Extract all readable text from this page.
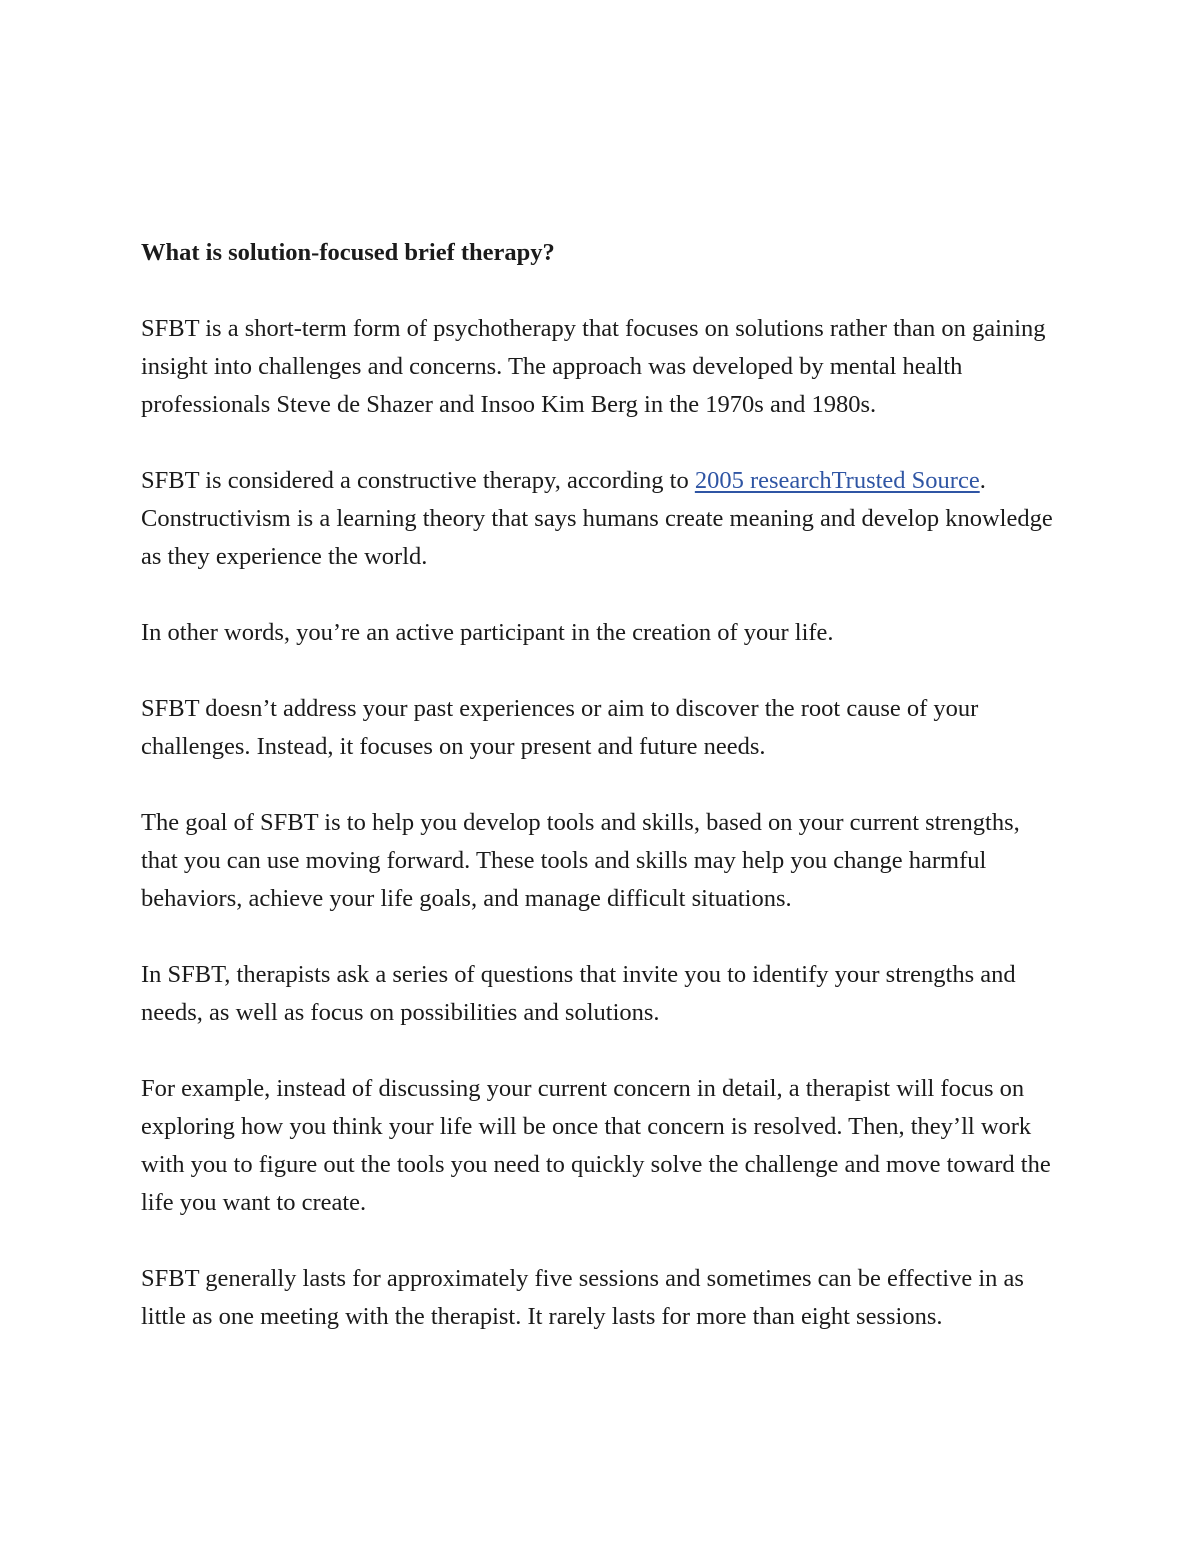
What is solution-focused brief therapy?

SFBT is a short-term form of psychotherapy that focuses on solutions rather than on gaining insight into challenges and concerns. The approach was developed by mental health professionals Steve de Shazer and Insoo Kim Berg in the 1970s and 1980s.

SFBT is considered a constructive therapy, according to 2005 researchTrusted Source. Constructivism is a learning theory that says humans create meaning and develop knowledge as they experience the world.

In other words, you’re an active participant in the creation of your life.

SFBT doesn’t address your past experiences or aim to discover the root cause of your challenges. Instead, it focuses on your present and future needs.

The goal of SFBT is to help you develop tools and skills, based on your current strengths, that you can use moving forward. These tools and skills may help you change harmful behaviors, achieve your life goals, and manage difficult situations.

In SFBT, therapists ask a series of questions that invite you to identify your strengths and needs, as well as focus on possibilities and solutions.

For example, instead of discussing your current concern in detail, a therapist will focus on exploring how you think your life will be once that concern is resolved. Then, they’ll work with you to figure out the tools you need to quickly solve the challenge and move toward the life you want to create.

SFBT generally lasts for approximately five sessions and sometimes can be effective in as little as one meeting with the therapist. It rarely lasts for more than eight sessions.
